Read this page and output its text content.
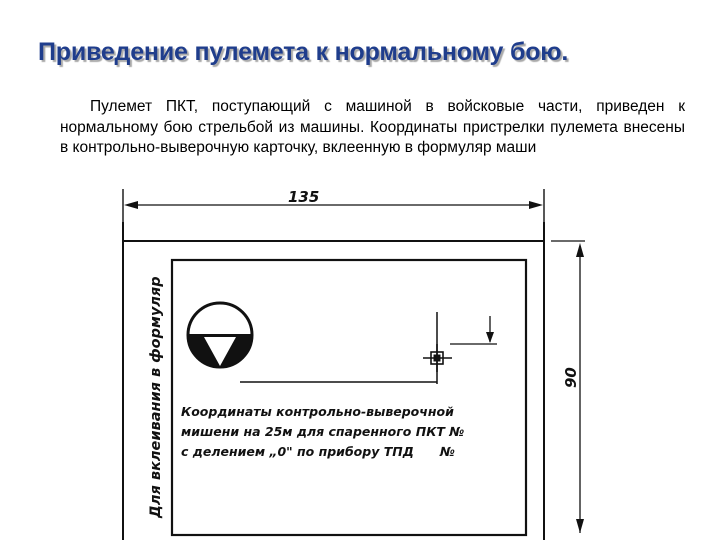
Приведение пулемета к нормальному бою.

Пулемет ПКТ, поступающий с машиной в войсковые части, приведен к нормальному бою стрельбой из машины. Координаты пристрелки пулемета внесены в контрольно-выверочную карточку, вклеенную в формуляр маши

135
90
Для вклеивания в формуляр Координаты контрольно-выверочной
мишени на 25м для спаренного ПКТ №
с делением „0" по прибору ТПД      №
